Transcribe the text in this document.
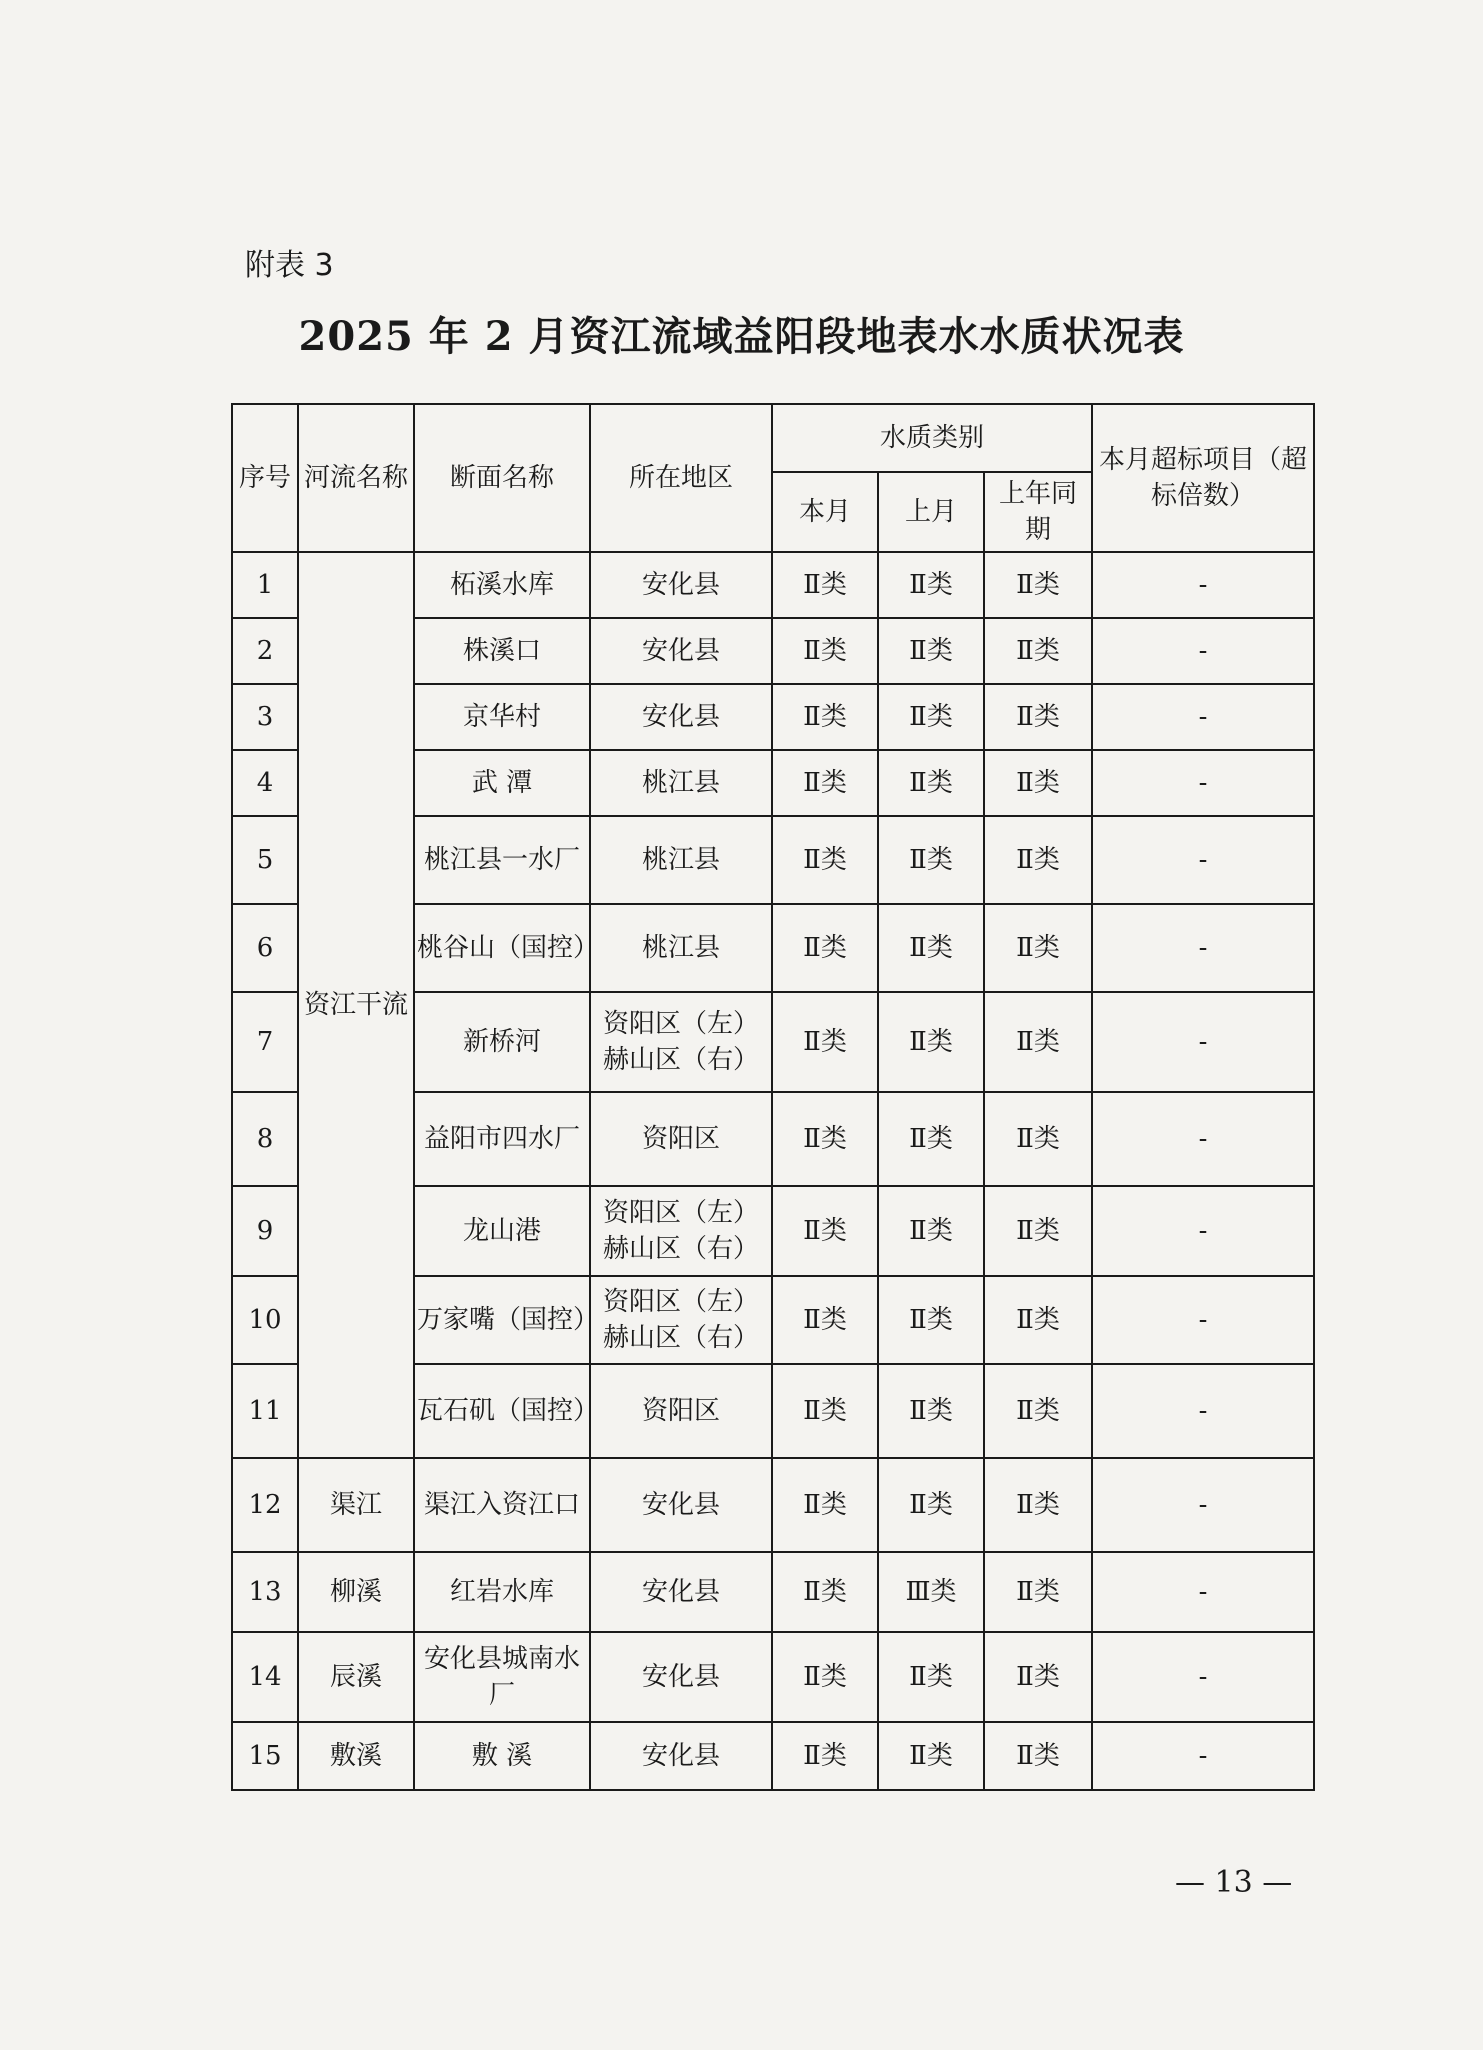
附表 3
2025 年 2 月资江流域益阳段地表水水质状况表
序号	河流名称	断面名称	所在地区	水质类别			本月超标项目（超标倍数）
				本月	上月	上年同期	
1	资江干流	柘溪水库	安化县	Ⅱ类	Ⅱ类	Ⅱ类	-
2		株溪口	安化县	Ⅱ类	Ⅱ类	Ⅱ类	-
3		京华村	安化县	Ⅱ类	Ⅱ类	Ⅱ类	-
4		武 潭	桃江县	Ⅱ类	Ⅱ类	Ⅱ类	-
5		桃江县一水厂	桃江县	Ⅱ类	Ⅱ类	Ⅱ类	-
6		桃谷山（国控）	桃江县	Ⅱ类	Ⅱ类	Ⅱ类	-
7		新桥河	资阳区（左）赫山区（右）	Ⅱ类	Ⅱ类	Ⅱ类	-
8		益阳市四水厂	资阳区	Ⅱ类	Ⅱ类	Ⅱ类	-
9		龙山港	资阳区（左）赫山区（右）	Ⅱ类	Ⅱ类	Ⅱ类	-
10		万家嘴（国控）	资阳区（左）赫山区（右）	Ⅱ类	Ⅱ类	Ⅱ类	-
11		瓦石矶（国控）	资阳区	Ⅱ类	Ⅱ类	Ⅱ类	-
12	渠江	渠江入资江口	安化县	Ⅱ类	Ⅱ类	Ⅱ类	-
13	柳溪	红岩水库	安化县	Ⅱ类	Ⅲ类	Ⅱ类	-
14	辰溪	安化县城南水厂	安化县	Ⅱ类	Ⅱ类	Ⅱ类	-
15	敷溪	敷 溪	安化县	Ⅱ类	Ⅱ类	Ⅱ类	-
— 13 —
